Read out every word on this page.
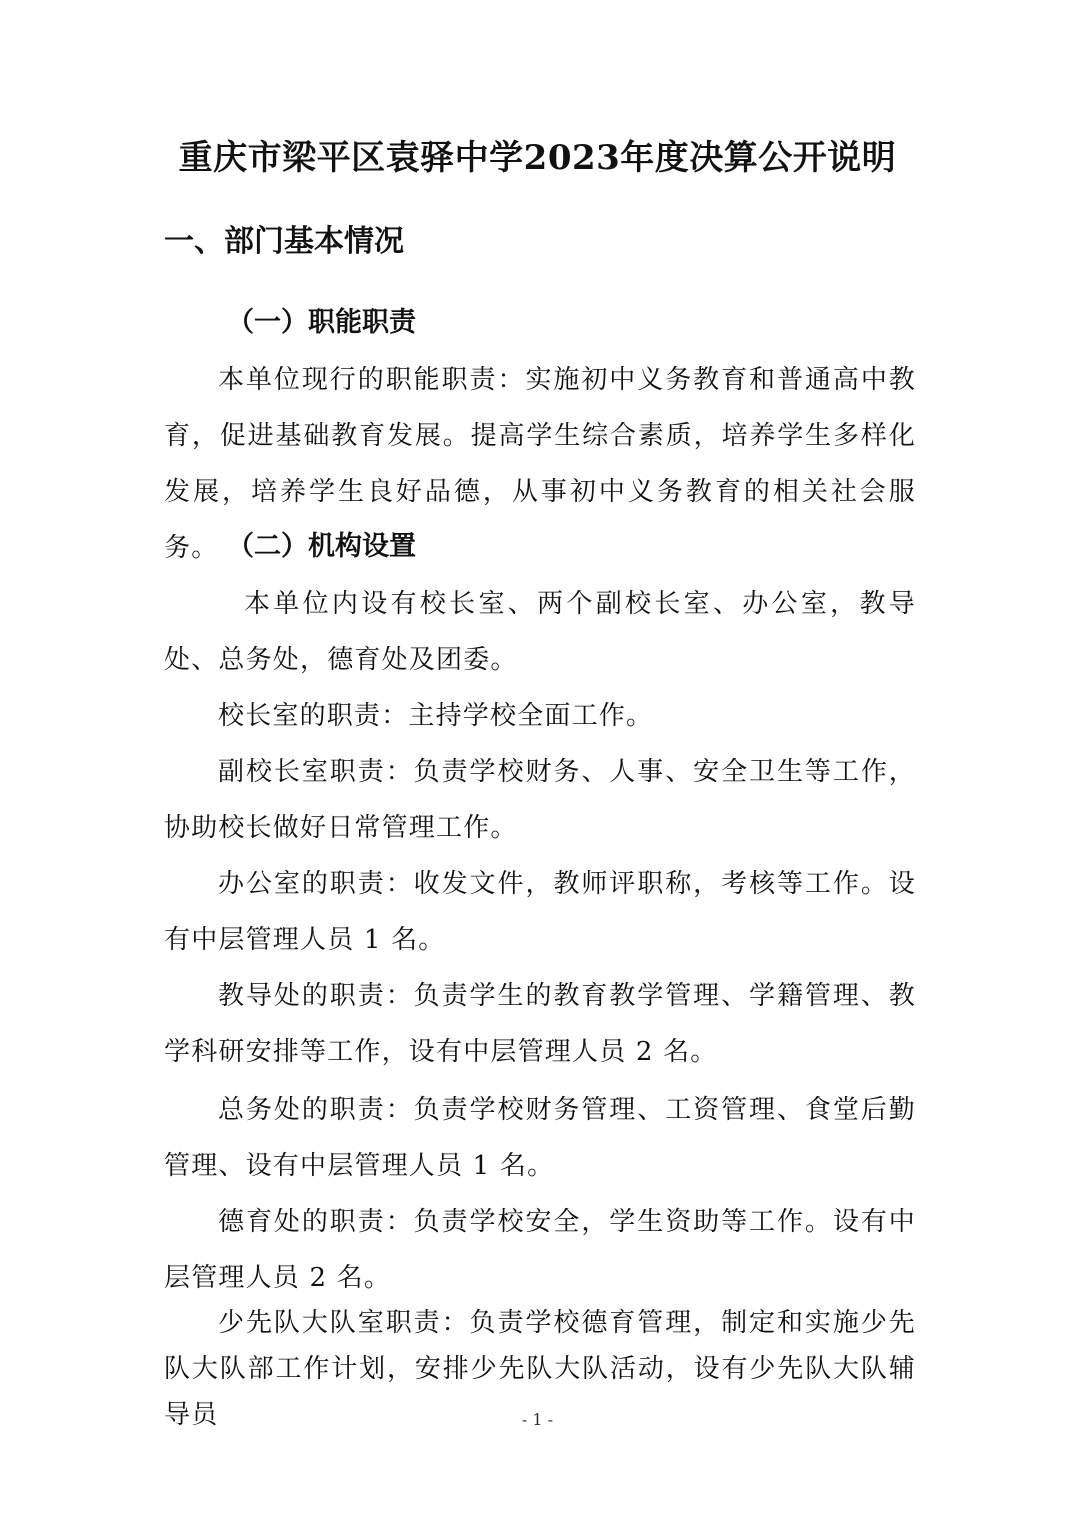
重庆市梁平区袁驿中学2023年度决算公开说明
一、部门基本情况
（一）职能职责

本单位现行的职能职责：实施初中义务教育和普通高中教育，促进基础教育发展。提高学生综合素质，培养学生多样化发展，培养学生良好品德，从事初中义务教育的相关社会服务。 （二）机构设置

本单位内设有校长室、两个副校长室、办公室，教导处、总务处，德育处及团委。

校长室的职责：主持学校全面工作。

副校长室职责：负责学校财务、人事、安全卫生等工作，协助校长做好日常管理工作。

办公室的职责：收发文件，教师评职称，考核等工作。设有中层管理人员 1 名。

教导处的职责：负责学生的教育教学管理、学籍管理、教学科研安排等工作，设有中层管理人员 2 名。

总务处的职责：负责学校财务管理、工资管理、食堂后勤管理、设有中层管理人员 1 名。

德育处的职责：负责学校安全，学生资助等工作。设有中层管理人员 2 名。

少先队大队室职责：负责学校德育管理，制定和实施少先队大队部工作计划，安排少先队大队活动，设有少先队大队辅导员	- 1 -
